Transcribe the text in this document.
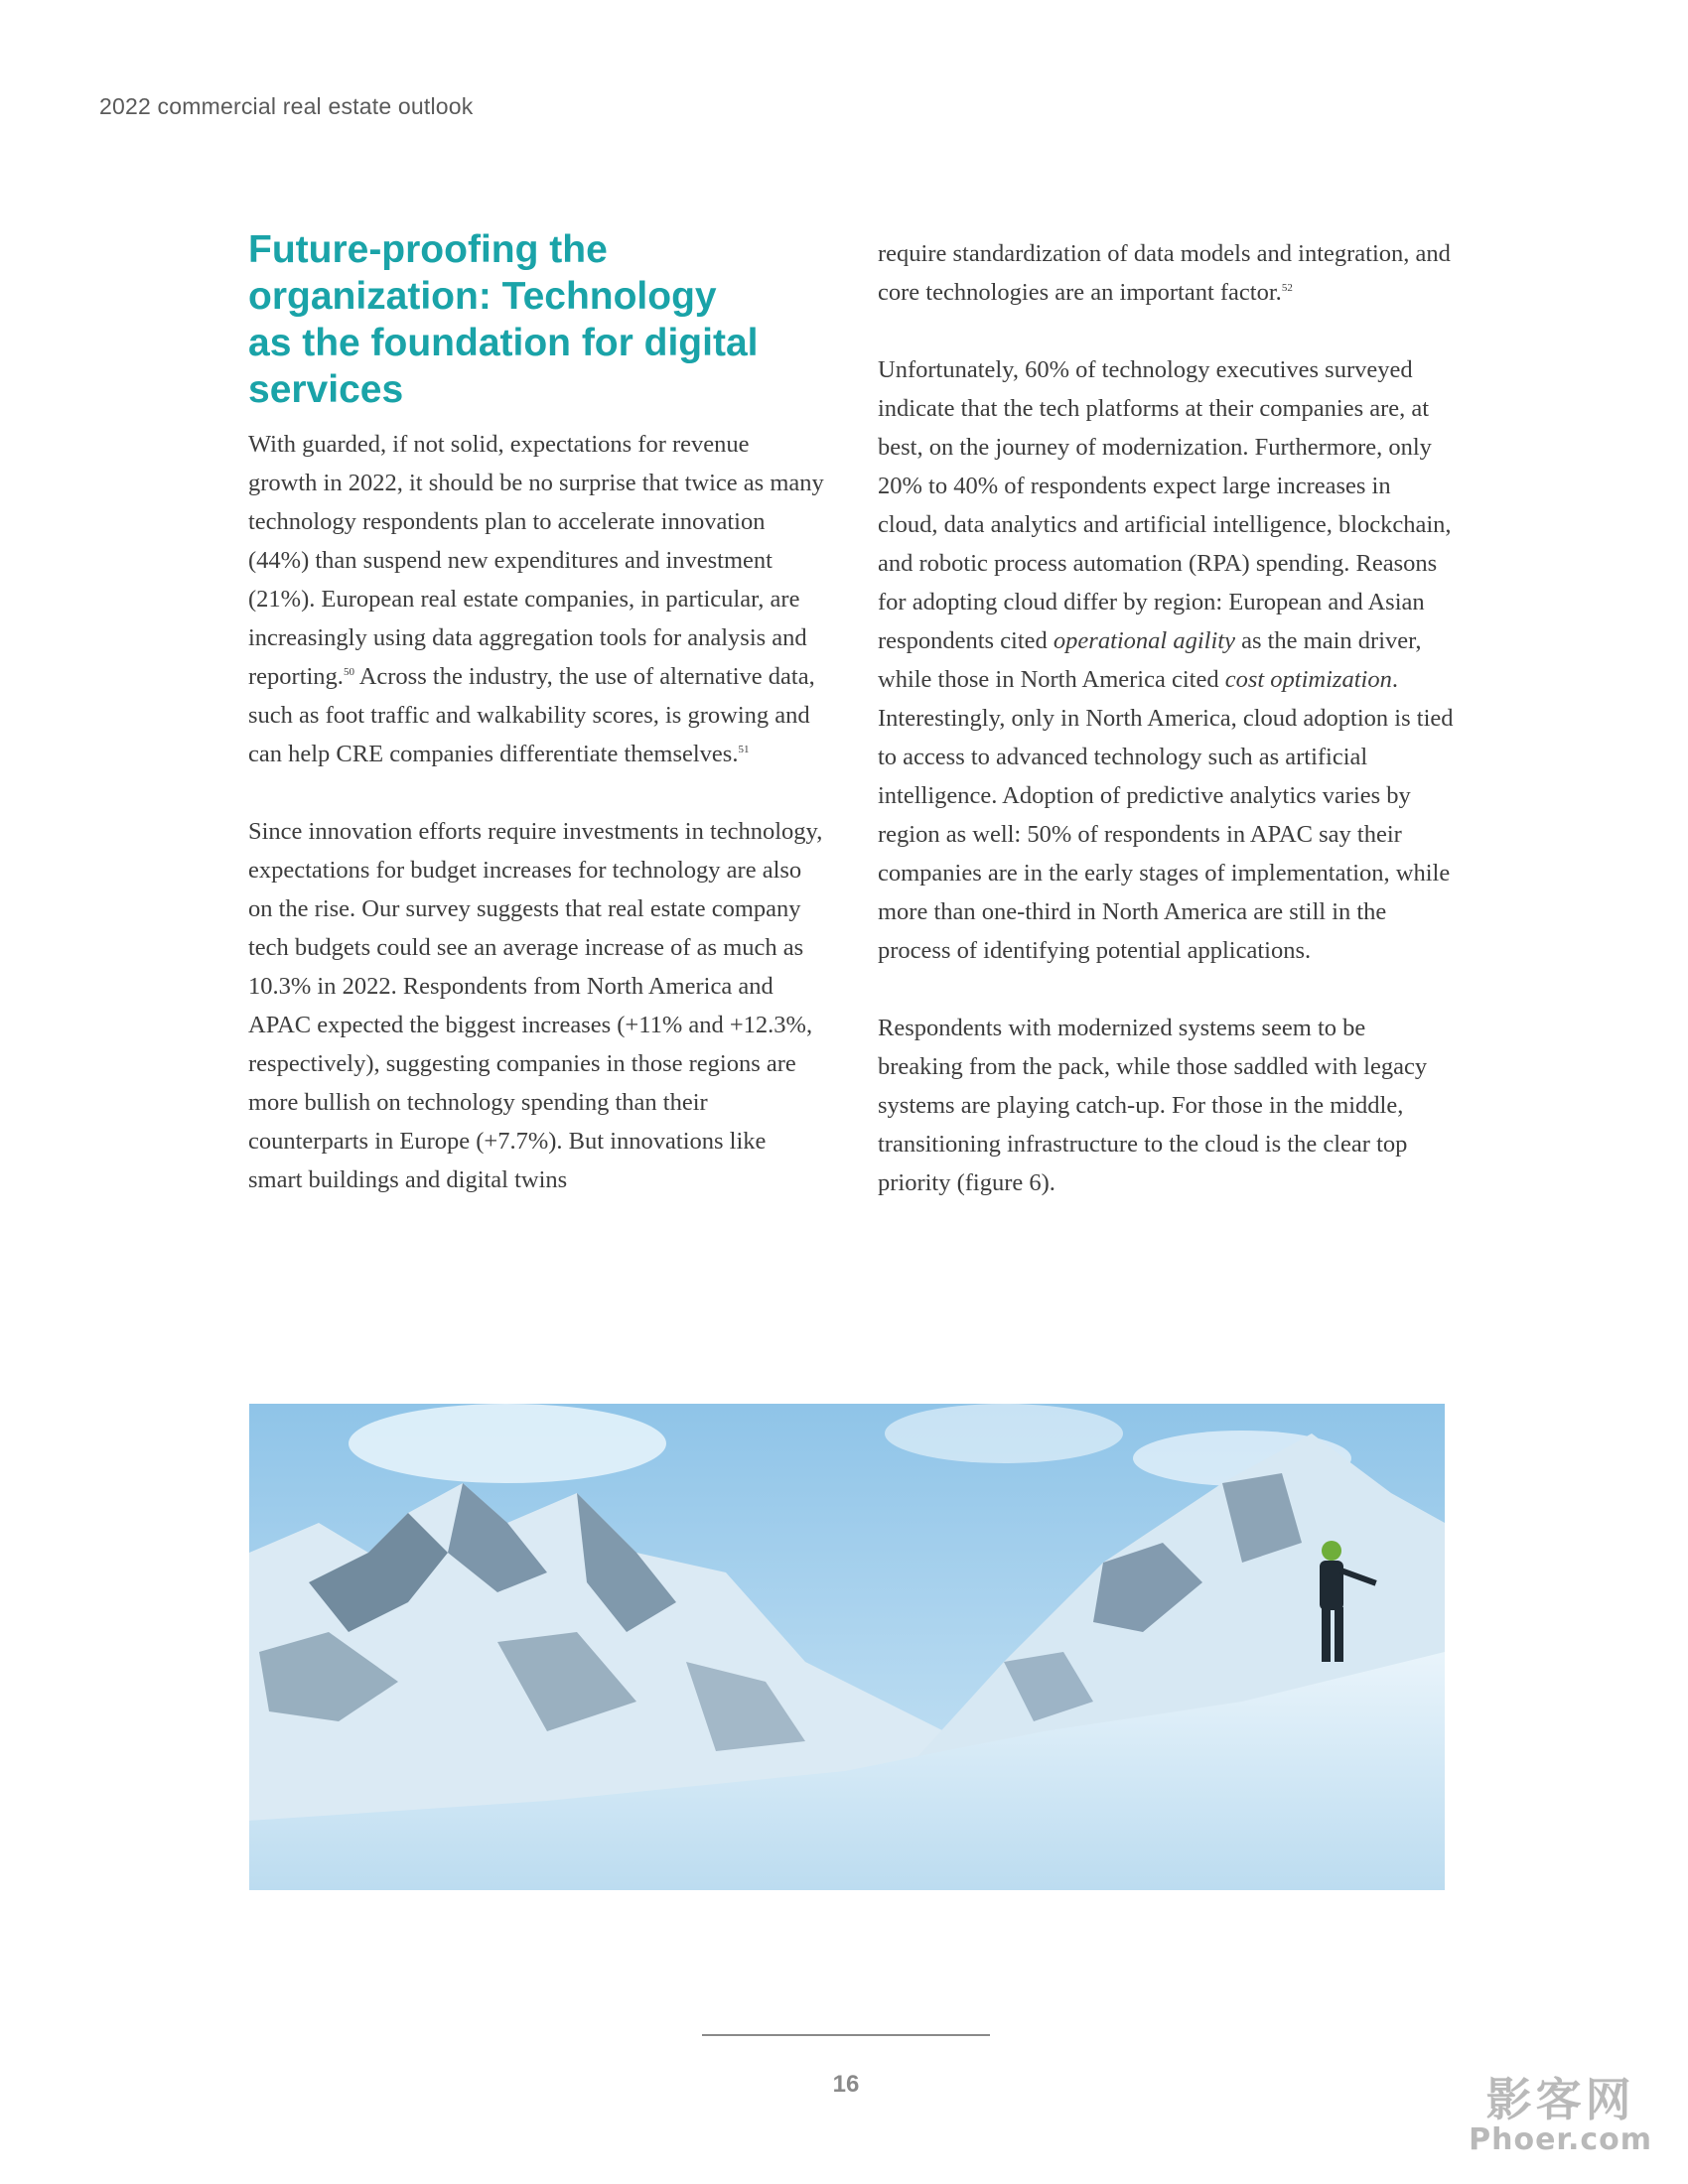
2022 commercial real estate outlook
Future-proofing the organization: Technology as the foundation for digital services

With guarded, if not solid, expectations for revenue growth in 2022, it should be no surprise that twice as many technology respondents plan to accelerate innovation (44%) than suspend new expenditures and investment (21%). European real estate companies, in particular, are increasingly using data aggregation tools for analysis and reporting.$^{50}$ Across the industry, the use of alternative data, such as foot traffic and walkability scores, is growing and can help CRE companies differentiate themselves.$^{51}$

Since innovation efforts require investments in technology, expectations for budget increases for technology are also on the rise. Our survey suggests that real estate company tech budgets could see an average increase of as much as 10.3% in 2022. Respondents from North America and APAC expected the biggest increases (+11% and +12.3%, respectively), suggesting companies in those regions are more bullish on technology spending than their counterparts in Europe (+7.7%). But innovations like smart buildings and digital twins

require standardization of data models and integration, and core technologies are an important factor.$^{52}$

Unfortunately, 60% of technology executives surveyed indicate that the tech platforms at their companies are, at best, on the journey of modernization. Furthermore, only 20% to 40% of respondents expect large increases in cloud, data analytics and artificial intelligence, blockchain, and robotic process automation (RPA) spending. Reasons for adopting cloud differ by region: European and Asian respondents cited operational agility as the main driver, while those in North America cited cost optimization. Interestingly, only in North America, cloud adoption is tied to access to advanced technology such as artificial intelligence. Adoption of predictive analytics varies by region as well: 50% of respondents in APAC say their companies are in the early stages of implementation, while more than one-third in North America are still in the process of identifying potential applications.

Respondents with modernized systems seem to be breaking from the pack, while those saddled with legacy systems are playing catch-up. For those in the middle, transitioning infrastructure to the cloud is the clear top priority (figure 6).

16	影客网
Phoer.com
